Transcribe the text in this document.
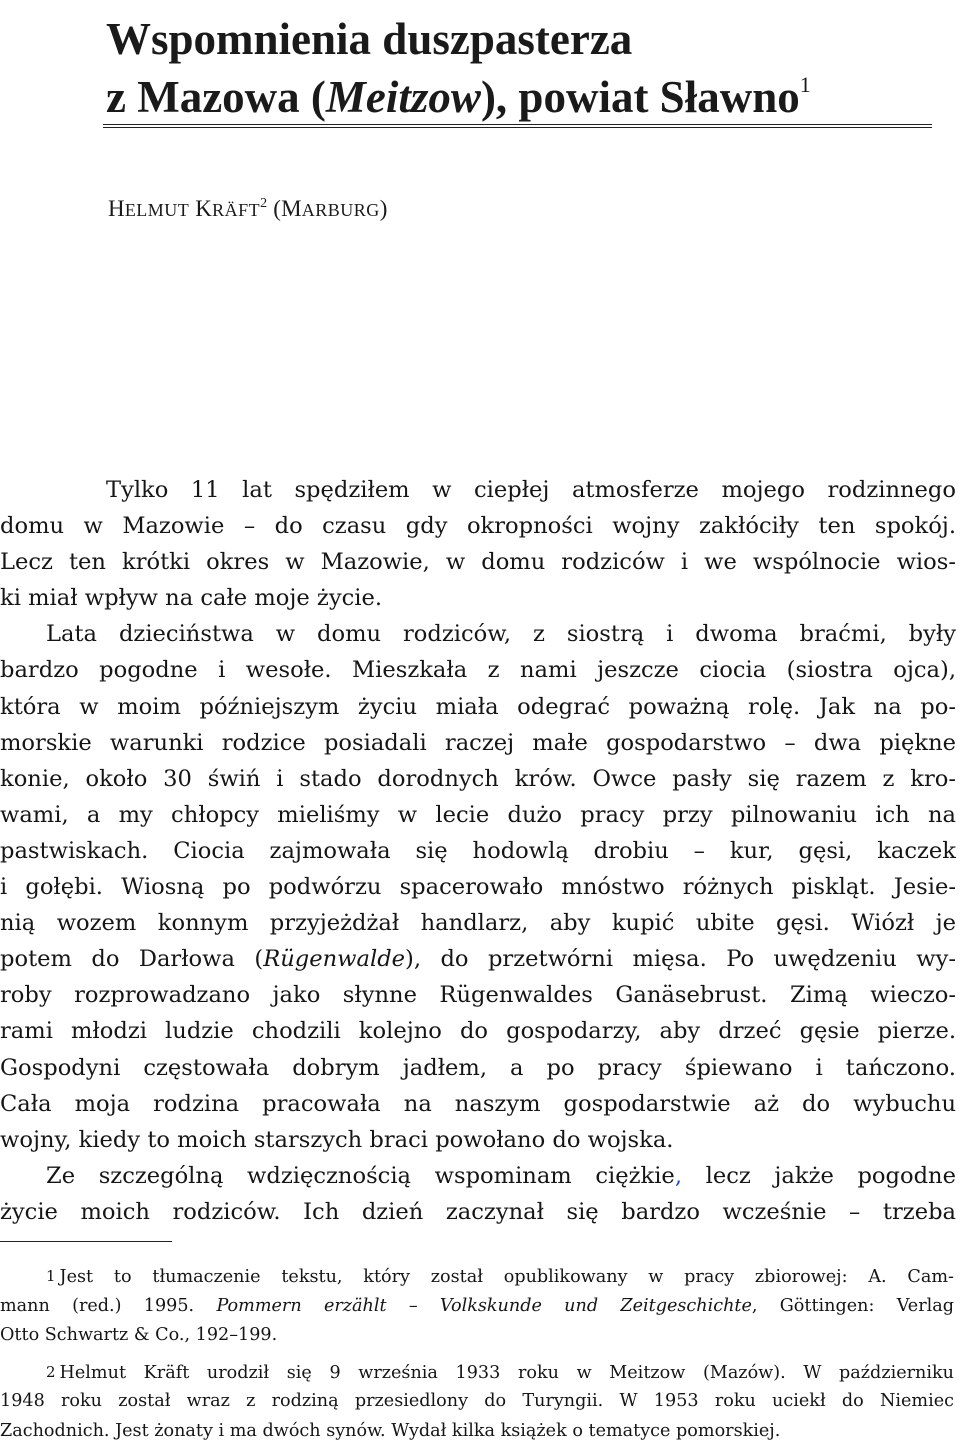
Wspomnienia duszpasterza
z Mazowa (Meitzow), powiat Sławno$^1$
HELMUT KRÄFT$^2$ (MARBURG)
Tylko 11 lat spędziłem w ciepłej atmosferze mojego rodzinnego
domu w Mazowie – do czasu gdy okropności wojny zakłóciły ten spokój.
Lecz ten krótki okres w Mazowie, w domu rodziców i we wspólnocie wios-
ki miał wpływ na całe moje życie.
Lata dzieciństwa w domu rodziców, z siostrą i dwoma braćmi, były
bardzo pogodne i wesołe. Mieszkała z nami jeszcze ciocia (siostra ojca),
która w moim późniejszym życiu miała odegrać poważną rolę. Jak na po-
morskie warunki rodzice posiadali raczej małe gospodarstwo – dwa piękne
konie, około 30 świń i stado dorodnych krów. Owce pasły się razem z kro-
wami, a my chłopcy mieliśmy w lecie dużo pracy przy pilnowaniu ich na
pastwiskach. Ciocia zajmowała się hodowlą drobiu – kur, gęsi, kaczek
i gołębi. Wiosną po podwórzu spacerowało mnóstwo różnych piskląt. Jesie-
nią wozem konnym przyjeżdżał handlarz, aby kupić ubite gęsi. Wiózł je
potem do Darłowa (Rügenwalde), do przetwórni mięsa. Po uwędzeniu wy-
roby rozprowadzano jako słynne Rügenwaldes Ganäsebrust. Zimą wieczo-
rami młodzi ludzie chodzili kolejno do gospodarzy, aby drzeć gęsie pierze.
Gospodyni częstowała dobrym jadłem, a po pracy śpiewano i tańczono.
Cała moja rodzina pracowała na naszym gospodarstwie aż do wybuchu
wojny, kiedy to moich starszych braci powołano do wojska.
Ze szczególną wdzięcznością wspominam ciężkie, lecz jakże pogodne
życie moich rodziców. Ich dzień zaczynał się bardzo wcześnie – trzeba
1 Jest to tłumaczenie tekstu, który został opublikowany w pracy zbiorowej: A. Cam-
mann (red.) 1995. Pommern erzählt – Volkskunde und Zeitgeschichte, Göttingen: Verlag
Otto Schwartz & Co., 192–199.
2 Helmut Kräft urodził się 9 września 1933 roku w Meitzow (Mazów). W październiku
1948 roku został wraz z rodziną przesiedlony do Turyngii. W 1953 roku uciekł do Niemiec
Zachodnich. Jest żonaty i ma dwóch synów. Wydał kilka książek o tematyce pomorskiej.
